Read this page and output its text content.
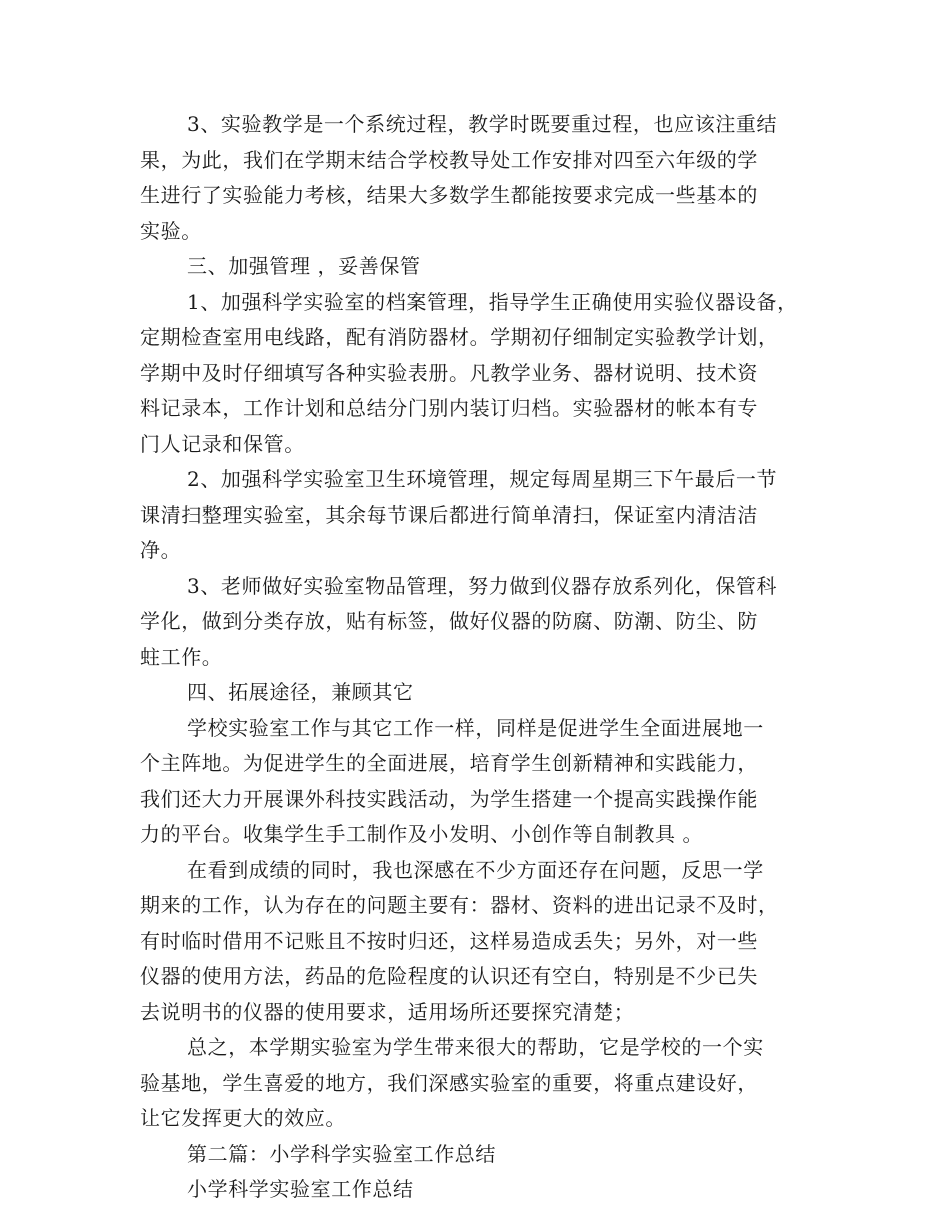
3、实验教学是一个系统过程，教学时既要重过程，也应该注重结
果，为此，我们在学期末结合学校教导处工作安排对四至六年级的学
生进行了实验能力考核，结果大多数学生都能按要求完成一些基本的
实验。
三、加强管理 ，妥善保管
1、加强科学实验室的档案管理，指导学生正确使用实验仪器设备，
定期检查室用电线路，配有消防器材。学期初仔细制定实验教学计划，
学期中及时仔细填写各种实验表册。凡教学业务、器材说明、技术资
料记录本，工作计划和总结分门别内装订归档。实验器材的帐本有专
门人记录和保管。
2、加强科学实验室卫生环境管理，规定每周星期三下午最后一节
课清扫整理实验室，其余每节课后都进行简单清扫，保证室内清洁洁
净。
3、老师做好实验室物品管理，努力做到仪器存放系列化，保管科
学化，做到分类存放，贴有标签，做好仪器的防腐、防潮、防尘、防
蛀工作。
四、拓展途径，兼顾其它
学校实验室工作与其它工作一样，同样是促进学生全面进展地一
个主阵地。为促进学生的全面进展，培育学生创新精神和实践能力，
我们还大力开展课外科技实践活动，为学生搭建一个提高实践操作能
力的平台。收集学生手工制作及小发明、小创作等自制教具 。
在看到成绩的同时，我也深感在不少方面还存在问题，反思一学
期来的工作，认为存在的问题主要有：器材、资料的进出记录不及时，
有时临时借用不记账且不按时归还，这样易造成丢失；另外，对一些
仪器的使用方法，药品的危险程度的认识还有空白，特别是不少已失
去说明书的仪器的使用要求，适用场所还要探究清楚；
总之，本学期实验室为学生带来很大的帮助，它是学校的一个实
验基地，学生喜爱的地方，我们深感实验室的重要，将重点建设好，
让它发挥更大的效应。
第二篇：小学科学实验室工作总结
小学科学实验室工作总结
